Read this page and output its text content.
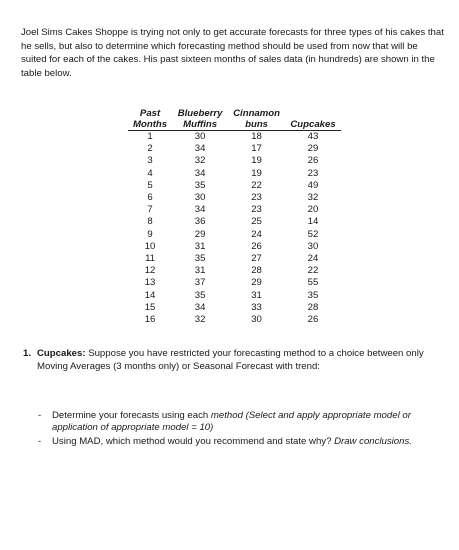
Joel Sims Cakes Shoppe is trying not only to get accurate forecasts for three types of his cakes that he sells, but also to determine which forecasting method should be used from now that will be suited for each of the cakes. His past sixteen months of sales data (in hundreds) are shown in the table below.

Past	Blueberry	Cinnamon	
Months	Muffins	buns	Cupcakes
1	30	18	43
2	34	17	29
3	32	19	26
4	34	19	23
5	35	22	49
6	30	23	32
7	34	23	20
8	36	25	14
9	29	24	52
10	31	26	30
11	35	27	24
12	31	28	22
13	37	29	55
14	35	31	35
15	34	33	28
16	32	30	26
1. Cupcakes: Suppose you have restricted your forecasting method to a choice between only Moving Averages (3 months only) or Seasonal Forecast with trend:
- Determine your forecasts using each method (Select and apply appropriate model or application of appropriate model = 10)
- Using MAD, which method would you recommend and state why? Draw conclusions.
